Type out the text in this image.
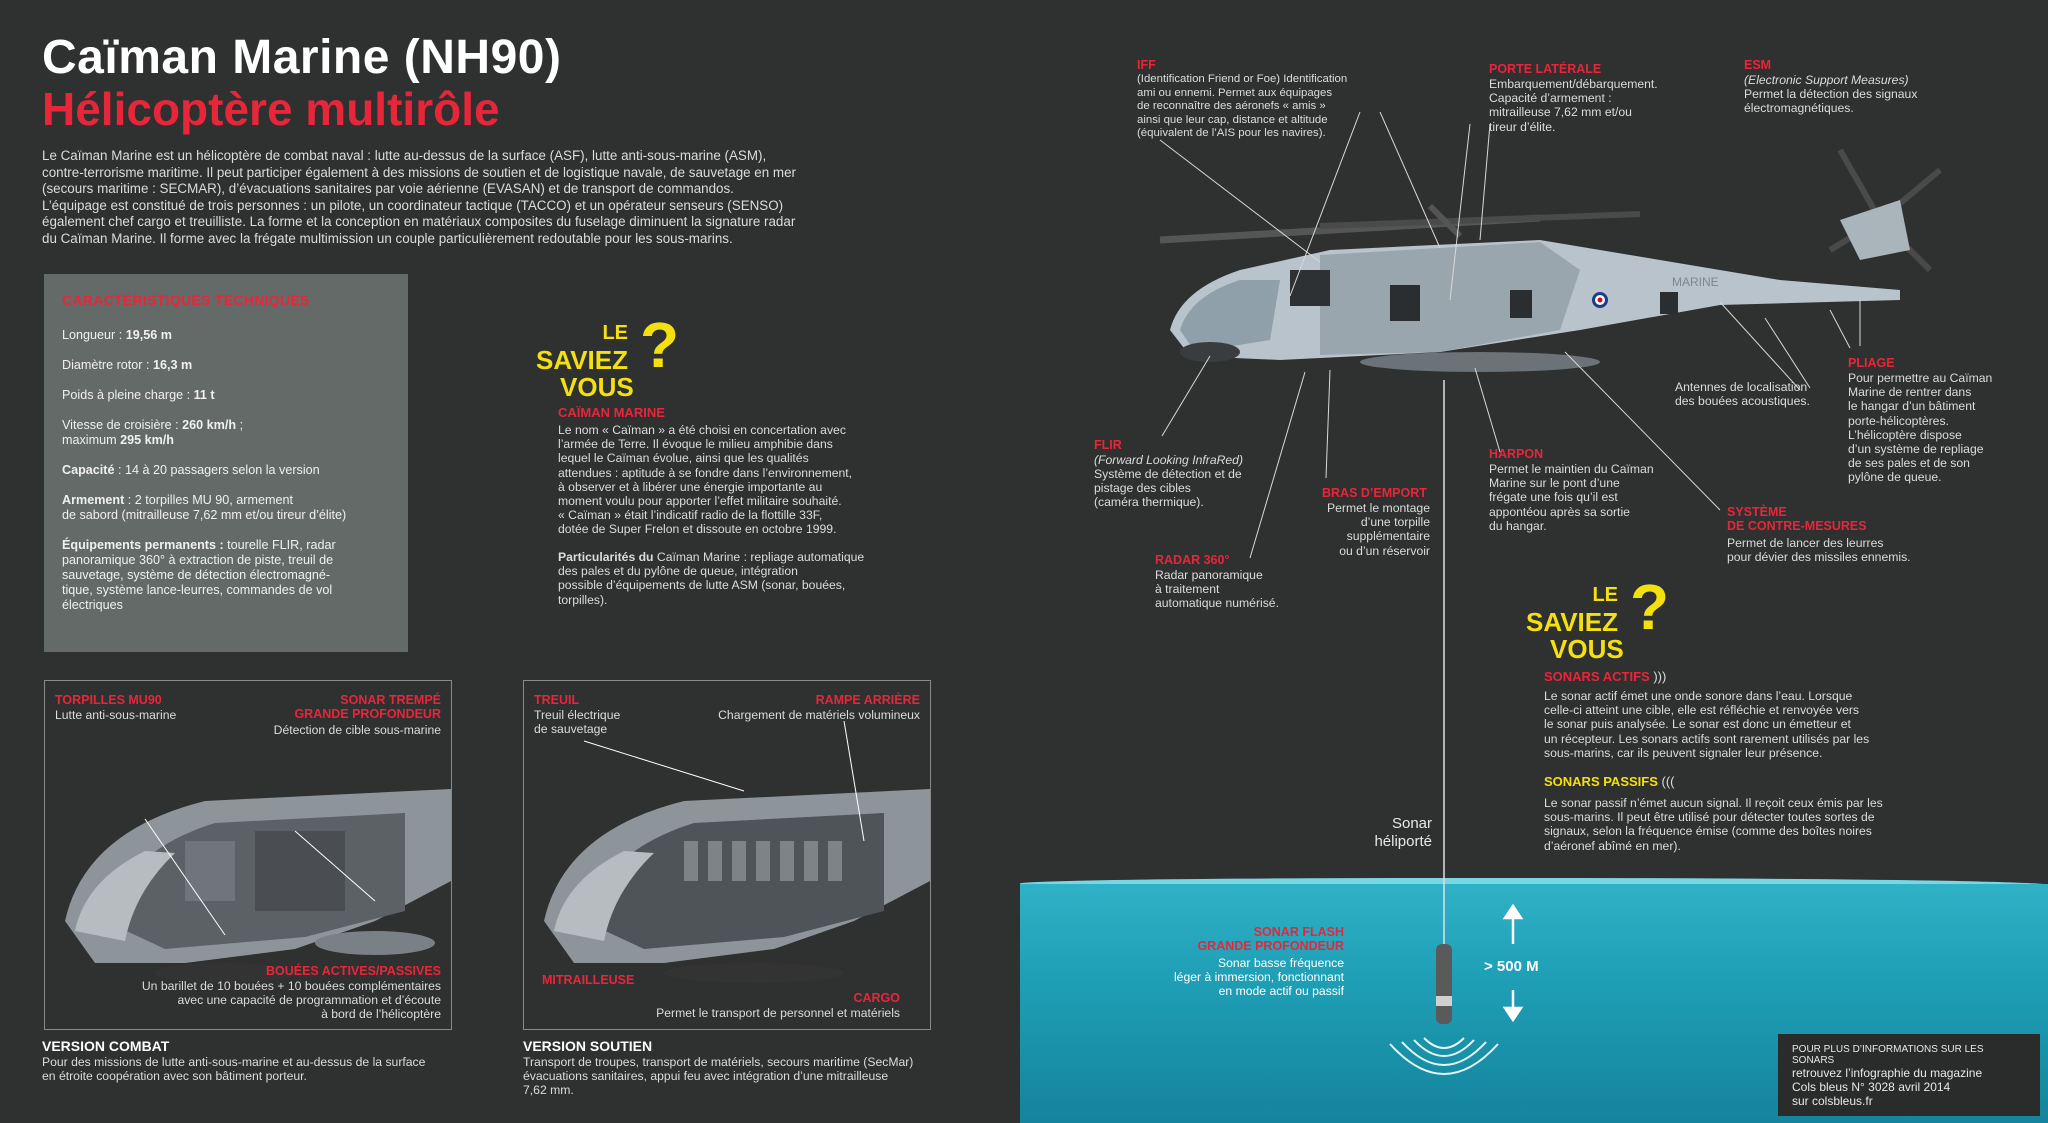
Caïman Marine (NH90)
Hélicoptère multirôle
Le Caïman Marine est un hélicoptère de combat naval : lutte au-dessus de la surface (ASF), lutte anti-sous-marine (ASM),
contre-terrorisme maritime. Il peut participer également à des missions de soutien et de logistique navale, de sauvetage en mer
(secours maritime : SECMAR), d’évacuations sanitaires par voie aérienne (EVASAN) et de transport de commandos.
L’équipage est constitué de trois personnes : un pilote, un coordinateur tactique (TACCO) et un opérateur senseurs (SENSO)
également chef cargo et treuilliste. La forme et la conception en matériaux composites du fuselage diminuent la signature radar
du Caïman Marine. Il forme avec la frégate multimission un couple particulièrement redoutable pour les sous-marins.
CARACTÉRISTIQUES TECHNIQUES
Longueur : 19,56 m
Diamètre rotor : 16,3 m
Poids à pleine charge : 11 t
Vitesse de croisière : 260 km/h ;
maximum 295 km/h
Capacité : 14 à 20 passagers selon la version
Armement : 2 torpilles MU 90, armement
de sabord (mitrailleuse 7,62 mm et/ou tireur d’élite)
Équipements permanents : tourelle FLIR, radar
panoramique 360° à extraction de piste, treuil de
sauvetage, système de détection électromagné-
tique, système lance-leurres, commandes de vol
électriques
LE
SAVIEZ
VOUS
?
CAÏMAN MARINE
Le nom « Caïman » a été choisi en concertation avec
l’armée de Terre. Il évoque le milieu amphibie dans
lequel le Caïman évolue, ainsi que les qualités
attendues : aptitude à se fondre dans l’environnement,
à observer et à libérer une énergie importante au
moment voulu pour apporter l’effet militaire souhaité.
« Caïman » était l’indicatif radio de la flottille 33F,
dotée de Super Frelon et dissoute en octobre 1999.
Particularités du Caïman Marine : repliage automatique
des pales et du pylône de queue, intégration
possible d’équipements de lutte ASM (sonar, bouées,
torpilles).
TORPILLES MU90
Lutte anti-sous-marine
SONAR TREMPÉ
GRANDE PROFONDEUR
Détection de cible sous-marine
BOUÉES ACTIVES/PASSIVES
Un barillet de 10 bouées + 10 bouées complémentaires
avec une capacité de programmation et d’écoute
à bord de l’hélicoptère
VERSION COMBAT
Pour des missions de lutte anti-sous-marine et au-dessus de la surface
en étroite coopération avec son bâtiment porteur.
TREUIL
Treuil électrique
de sauvetage
RAMPE ARRIÈRE
Chargement de matériels volumineux
MITRAILLEUSE
CARGO
Permet le transport de personnel et matériels
VERSION SOUTIEN
Transport de troupes, transport de matériels, secours maritime (SecMar)
évacuations sanitaires, appui feu avec intégration d’une mitrailleuse
7,62 mm.
MARINE
IFF
(Identification Friend or Foe) Identification
ami ou ennemi. Permet aux équipages
de reconnaître des aéronefs « amis »
ainsi que leur cap, distance et altitude
(équivalent de l’AIS pour les navires).
PORTE LATÉRALE
Embarquement/débarquement.
Capacité d’armement :
mitrailleuse 7,62 mm et/ou
tireur d’élite.
ESM
(Electronic Support Measures)
Permet la détection des signaux
électromagnétiques.
FLIR
(Forward Looking InfraRed)
Système de détection et de
pistage des cibles
(caméra thermique).
BRAS D’EMPORT
Permet le montage
d’une torpille
supplémentaire
ou d’un réservoir
RADAR 360°
Radar panoramique
à traitement
automatique numérisé.
HARPON
Permet le maintien du Caïman
Marine sur le pont d’une
frégate une fois qu’il est
appontéou après sa sortie
du hangar.
Antennes de localisation
des bouées acoustiques.
PLIAGE
Pour permettre au Caïman
Marine de rentrer dans
le hangar d’un bâtiment
porte-hélicoptères.
L’hélicoptère dispose
d’un système de repliage
de ses pales et de son
pylône de queue.
SYSTÈME
DE CONTRE-MESURES
Permet de lancer des leurres
pour dévier des missiles ennemis.
LE
SAVIEZ
VOUS
?
SONARS ACTIFS )))
Le sonar actif émet une onde sonore dans l’eau. Lorsque
celle-ci atteint une cible, elle est réfléchie et renvoyée vers
le sonar puis analysée. Le sonar est donc un émetteur et
un récepteur. Les sonars actifs sont rarement utilisés par les
sous-marins, car ils peuvent signaler leur présence.
SONARS PASSIFS (((
Le sonar passif n’émet aucun signal. Il reçoit ceux émis par les
sous-marins. Il peut être utilisé pour détecter toutes sortes de
signaux, selon la fréquence émise (comme des boîtes noires
d’aéronef abîmé en mer).
Sonar
héliporté
SONAR FLASH
GRANDE PROFONDEUR
Sonar basse fréquence
léger à immersion, fonctionnant
en mode actif ou passif
> 500 M
POUR PLUS D’INFORMATIONS SUR LES SONARS
retrouvez l’infographie du magazine
Cols bleus N° 3028 avril 2014
sur colsbleus.fr
